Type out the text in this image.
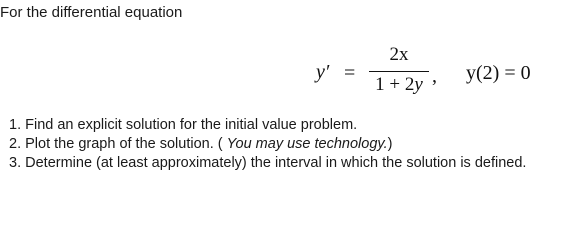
For the differential equation
y′ =
2x
1 + 2y , y(2) = 0
1. Find an explicit solution for the initial value problem.
2. Plot the graph of the solution. ( You may use technology.)
3. Determine (at least approximately) the interval in which the solution is defined.
